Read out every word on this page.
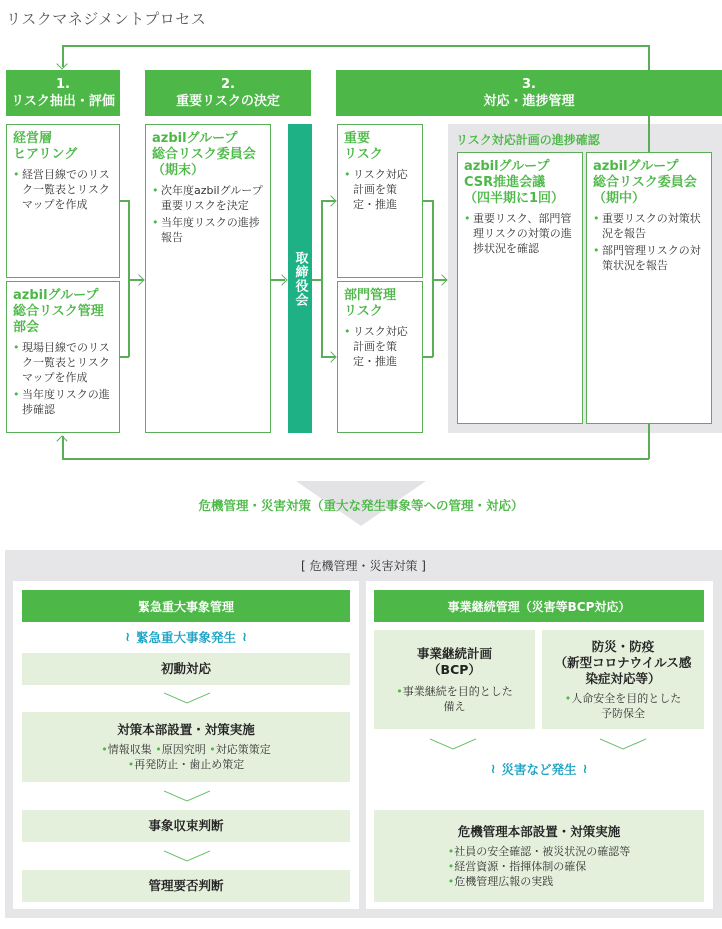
リスクマネジメントプロセス
1.
リスク抽出・評価
2.
重要リスクの決定
3.
対応・進捗管理
経営層
ヒアリング
• 経営目線でのリスク一覧表とリスクマップを作成
azbilグループ
総合リスク管理
部会
• 現場目線でのリスク一覧表とリスクマップを作成
• 当年度リスクの進捗確認
azbilグループ
総合リスク委員会
（期末）
• 次年度azbilグループ重要リスクを決定
• 当年度リスクの進捗報告
取締役会
重要
リスク
• リスク対応計画を策定・推進
部門管理
リスク
• リスク対応計画を策定・推進
リスク対応計画の進捗確認
azbilグループ
CSR推進会議
（四半期に1回）
• 重要リスク、部門管理リスクの対策の進捗状況を確認
azbilグループ
総合リスク委員会
（期中）
• 重要リスクの対策状況を報告
• 部門管理リスクの対策状況を報告
危機管理・災害対策（重大な発生事象等への管理・対応）
[ 危機管理・災害対策 ]
緊急重大事象管理
≀ 緊急重大事象発生 ≀
初動対応
対策本部設置・対策実施
•情報収集 •原因究明 •対応策策定
•再発防止・歯止め策定
事象収束判断
管理要否判断
事業継続管理（災害等BCP対応）
事業継続計画
（BCP）
•事業継続を目的とした
備え
防災・防疫
（新型コロナウイルス感
染症対応等）
•人命安全を目的とした
予防保全
≀ 災害など発生 ≀
危機管理本部設置・対策実施
•社員の安全確認・被災状況の確認等
•経営資源・指揮体制の確保
•危機管理広報の実践
